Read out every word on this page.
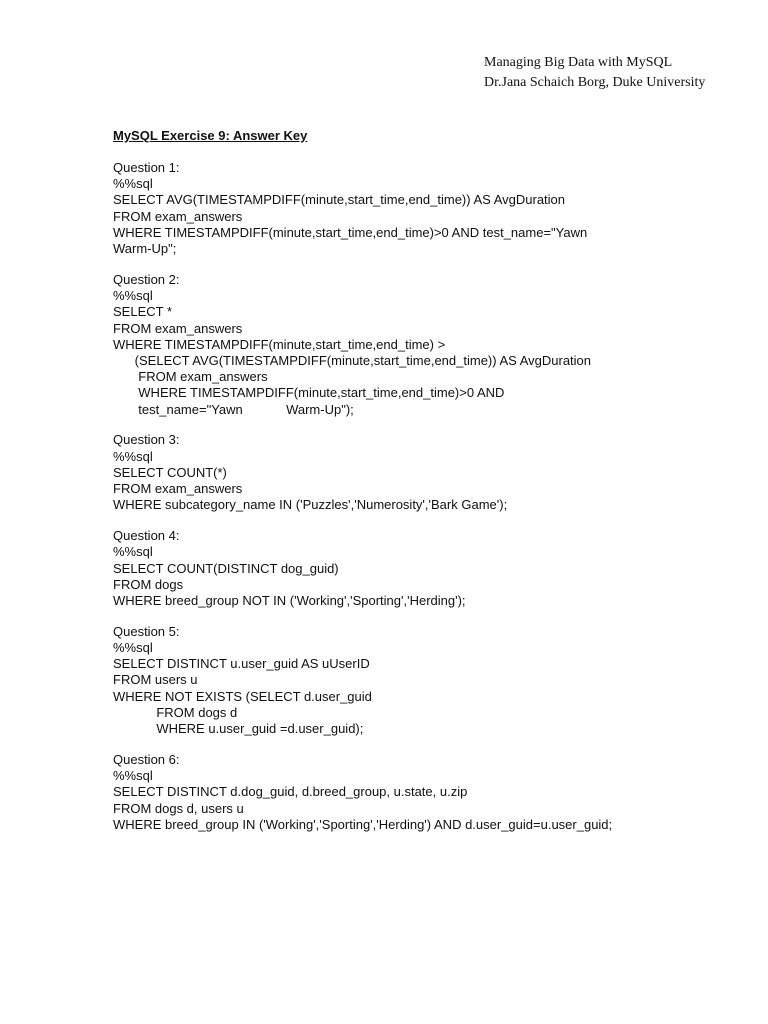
Managing Big Data with MySQL
Dr.Jana Schaich Borg, Duke University
MySQL Exercise 9: Answer Key
Question 1:
%%sql
SELECT AVG(TIMESTAMPDIFF(minute,start_time,end_time)) AS AvgDuration
FROM exam_answers
WHERE TIMESTAMPDIFF(minute,start_time,end_time)>0 AND test_name="Yawn
Warm-Up";
Question 2:
%%sql
SELECT *
FROM exam_answers
WHERE TIMESTAMPDIFF(minute,start_time,end_time) >
(SELECT AVG(TIMESTAMPDIFF(minute,start_time,end_time)) AS AvgDuration
FROM exam_answers
WHERE TIMESTAMPDIFF(minute,start_time,end_time)>0 AND
test_name="Yawn            Warm-Up");
Question 3:
%%sql
SELECT COUNT(*)
FROM exam_answers
WHERE subcategory_name IN ('Puzzles','Numerosity','Bark Game');
Question 4:
%%sql
SELECT COUNT(DISTINCT dog_guid)
FROM dogs
WHERE breed_group NOT IN ('Working','Sporting','Herding');
Question 5:
%%sql
SELECT DISTINCT u.user_guid AS uUserID
FROM users u
WHERE NOT EXISTS (SELECT d.user_guid
FROM dogs d
WHERE u.user_guid =d.user_guid);
Question 6:
%%sql
SELECT DISTINCT d.dog_guid, d.breed_group, u.state, u.zip
FROM dogs d, users u
WHERE breed_group IN ('Working','Sporting','Herding') AND d.user_guid=u.user_guid;
